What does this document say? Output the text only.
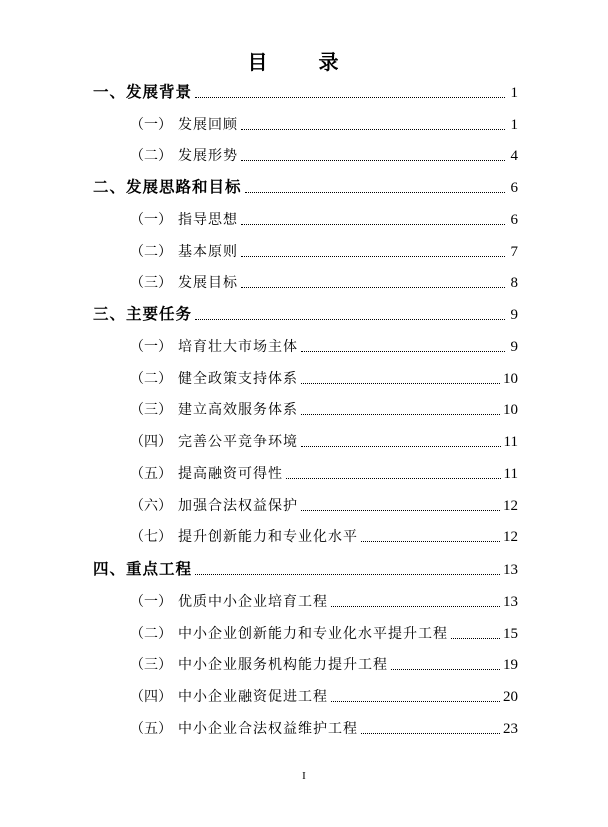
目 录
一、发展背景	1
（一） 发展回顾	1
（二） 发展形势	4
二、发展思路和目标	6
（一） 指导思想	6
（二） 基本原则	7
（三） 发展目标	8
三、主要任务	9
（一） 培育壮大市场主体	9
（二） 健全政策支持体系	10
（三） 建立高效服务体系	10
（四） 完善公平竞争环境	11
（五） 提高融资可得性	11
（六） 加强合法权益保护	12
（七） 提升创新能力和专业化水平	12
四、重点工程	13
（一） 优质中小企业培育工程	13
（二） 中小企业创新能力和专业化水平提升工程	15
（三） 中小企业服务机构能力提升工程	19
（四） 中小企业融资促进工程	20
（五） 中小企业合法权益维护工程	23
I
